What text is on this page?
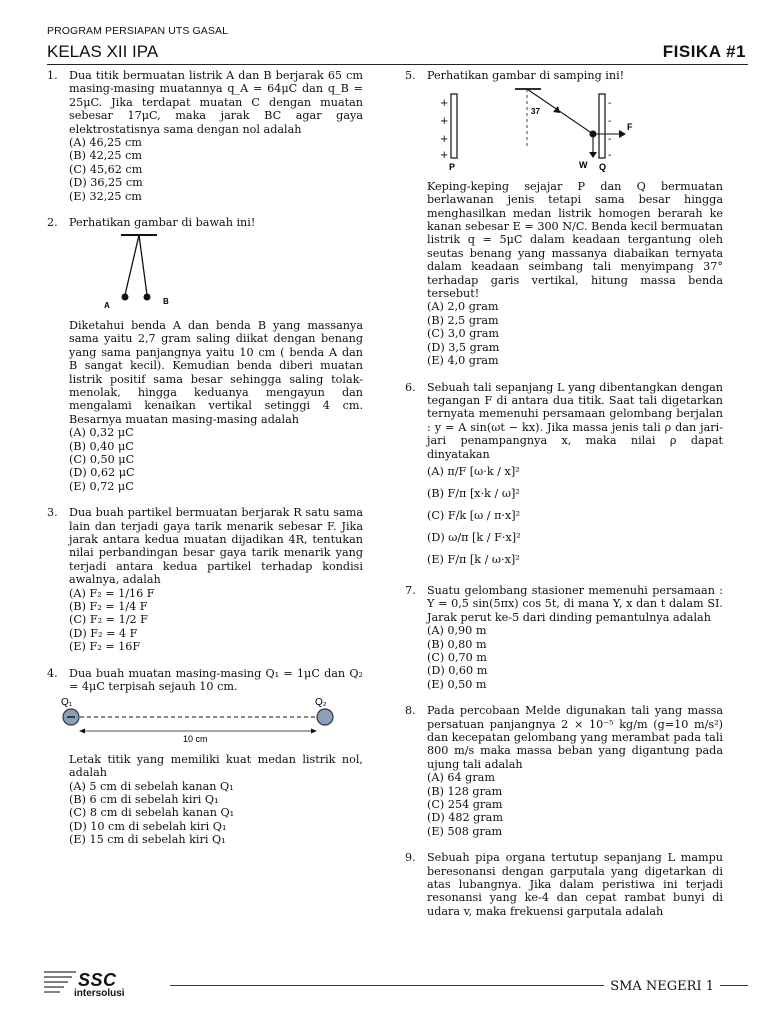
PROGRAM PERSIAPAN UTS GASAL
KELAS XII IPA	FISIKA #1
1. Dua titik bermuatan listrik A dan B berjarak 65 cm masing-masing muatannya q_A = 64μC dan q_B = 25μC. Jika terdapat muatan C dengan muatan sebesar 17μC, maka jarak BC agar gaya elektrostatisnya sama dengan nol adalah
(A) 46,25 cm
(B) 42,25 cm
(C) 45,62 cm
(D) 36,25 cm
(E) 32,25 cm
2. Perhatikan gambar di bawah ini!
A	B
Diketahui benda A dan benda B yang massanya sama yaitu 2,7 gram saling diikat dengan benang yang sama panjangnya yaitu 10 cm ( benda A dan B sangat kecil). Kemudian benda diberi muatan listrik positif sama besar sehingga saling tolak-menolak, hingga keduanya mengayun dan mengalami kenaikan vertikal setinggi 4 cm. Besarnya muatan masing-masing adalah
(A) 0,32 μC
(B) 0,40 μC
(C) 0,50 μC
(D) 0,62 μC
(E) 0,72 μC
3. Dua buah partikel bermuatan berjarak R satu sama lain dan terjadi gaya tarik menarik sebesar F. Jika jarak antara kedua muatan dijadikan 4R, tentukan nilai perbandingan besar gaya tarik menarik yang terjadi antara kedua partikel terhadap kondisi awalnya, adalah
(A) F₂ = 1/16 F
(B) F₂ = 1/4 F
(C) F₂ = 1/2 F
(D) F₂ = 4 F
(E) F₂ = 16F
4. Dua buah muatan masing-masing Q₁ = 1μC dan Q₂ = 4μC terpisah sejauh 10 cm.
Q₁	Q₂
10 cm
Letak titik yang memiliki kuat medan listrik nol, adalah
(A) 5 cm di sebelah kanan Q₁
(B) 6 cm di sebelah kiri Q₁
(C) 8 cm di sebelah kanan Q₁
(D) 10 cm di sebelah kiri Q₁
(E) 15 cm di sebelah kiri Q₁
5. Perhatikan gambar di samping ini!
+
+
+
+
-
-
-
-
37
F
W
P	Q
Keping-keping sejajar P dan Q bermuatan berlawanan jenis tetapi sama besar hingga menghasilkan medan listrik homogen berarah ke kanan sebesar E = 300 N/C. Benda kecil bermuatan listrik q = 5μC dalam keadaan tergantung oleh seutas benang yang massanya diabaikan ternyata dalam keadaan seimbang tali menyimpang 37° terhadap garis vertikal, hitung massa benda tersebut!
(A) 2,0 gram
(B) 2,5 gram
(C) 3,0 gram
(D) 3,5 gram
(E) 4,0 gram
6. Sebuah tali sepanjang L yang dibentangkan dengan tegangan F di antara dua titik. Saat tali digetarkan ternyata memenuhi persamaan gelombang berjalan : y = A sin(ωt − kx). Jika massa jenis tali ρ dan jari-jari penampangnya x, maka nilai ρ dapat dinyatakan
(A) π/F [ω·k / x]²
(B) F/π [x·k / ω]²
(C) F/k [ω / π·x]²
(D) ω/π [k / F·x]²
(E) F/π [k / ω·x]²
7. Suatu gelombang stasioner memenuhi persamaan : Y = 0,5 sin(5πx) cos 5t, di mana Y, x dan t dalam SI. Jarak perut ke-5 dari dinding pemantulnya adalah
(A) 0,90 m
(B) 0,80 m
(C) 0,70 m
(D) 0,60 m
(E) 0,50 m
8. Pada percobaan Melde digunakan tali yang massa persatuan panjangnya 2 × 10⁻⁵ kg/m (g=10 m/s²) dan kecepatan gelombang yang merambat pada tali 800 m/s maka massa beban yang digantung pada ujung tali adalah
(A) 64 gram
(B) 128 gram
(C) 254 gram
(D) 482 gram
(E) 508 gram
9. Sebuah pipa organa tertutup sepanjang L mampu beresonansi dengan garputala yang digetarkan di atas lubangnya. Jika dalam peristiwa ini terjadi resonansi yang ke-4 dan cepat rambat bunyi di udara v, maka frekuensi garputala adalah
SSC
intersolusi	SMA NEGERI 1
